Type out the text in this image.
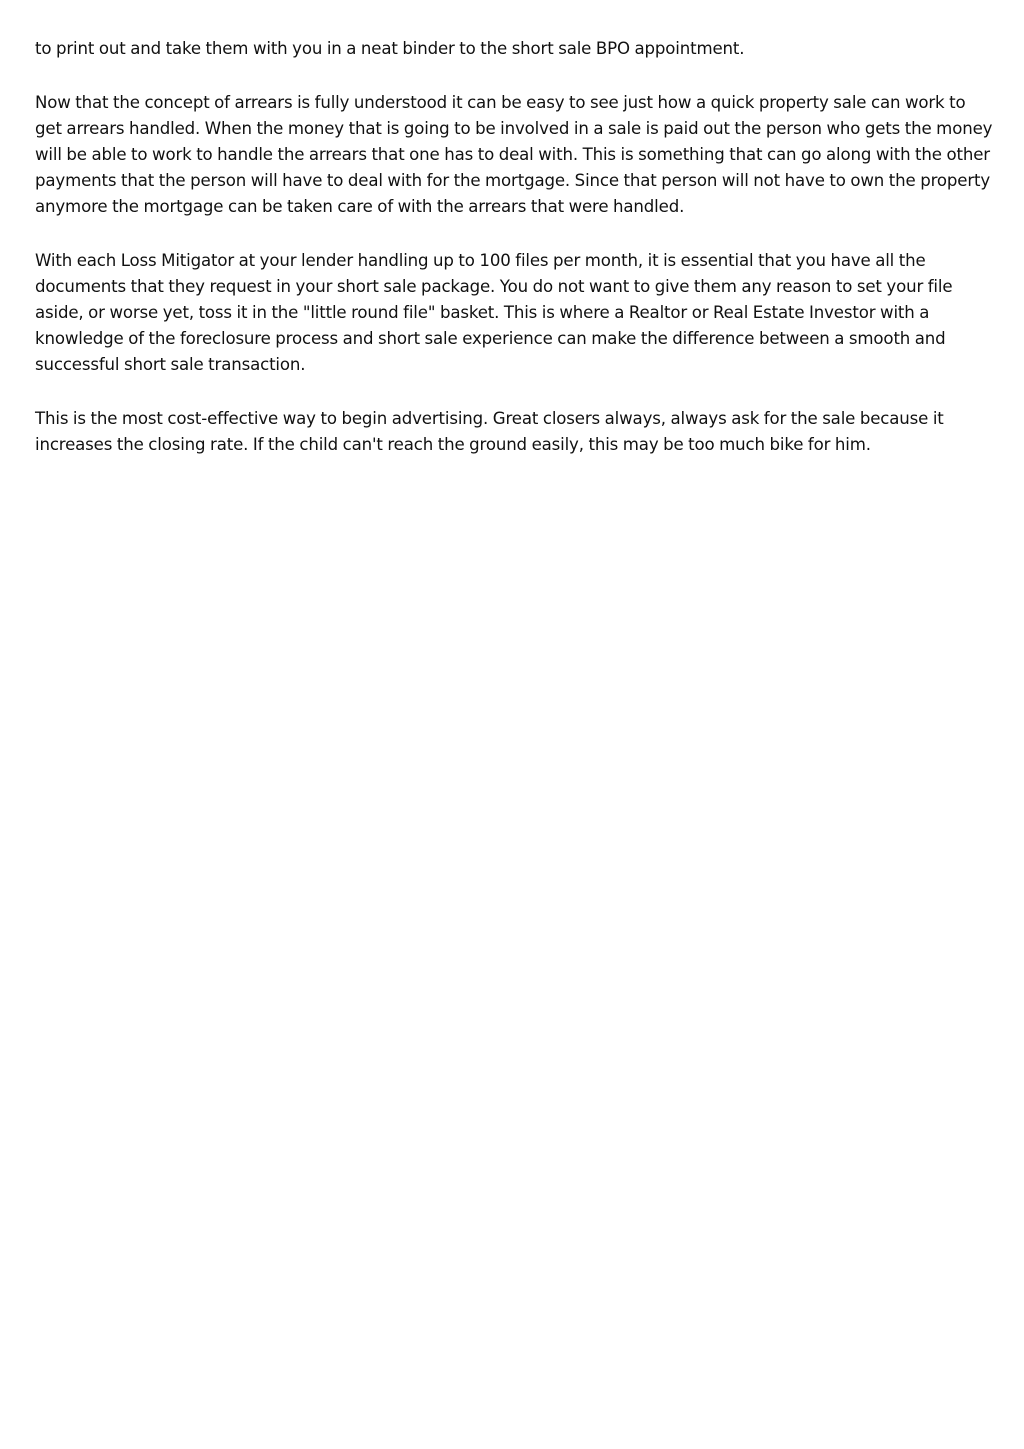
to print out and take them with you in a neat binder to the short sale BPO appointment.

Now that the concept of arrears is fully understood it can be easy to see just how a quick property sale can work to get arrears handled. When the money that is going to be involved in a sale is paid out the person who gets the money will be able to work to handle the arrears that one has to deal with. This is something that can go along with the other payments that the person will have to deal with for the mortgage. Since that person will not have to own the property anymore the mortgage can be taken care of with the arrears that were handled.

With each Loss Mitigator at your lender handling up to 100 files per month, it is essential that you have all the documents that they request in your short sale package. You do not want to give them any reason to set your file aside, or worse yet, toss it in the "little round file" basket. This is where a Realtor or Real Estate Investor with a knowledge of the foreclosure process and short sale experience can make the difference between a smooth and successful short sale transaction.

This is the most cost-effective way to begin advertising. Great closers always, always ask for the sale because it increases the closing rate. If the child can't reach the ground easily, this may be too much bike for him.
